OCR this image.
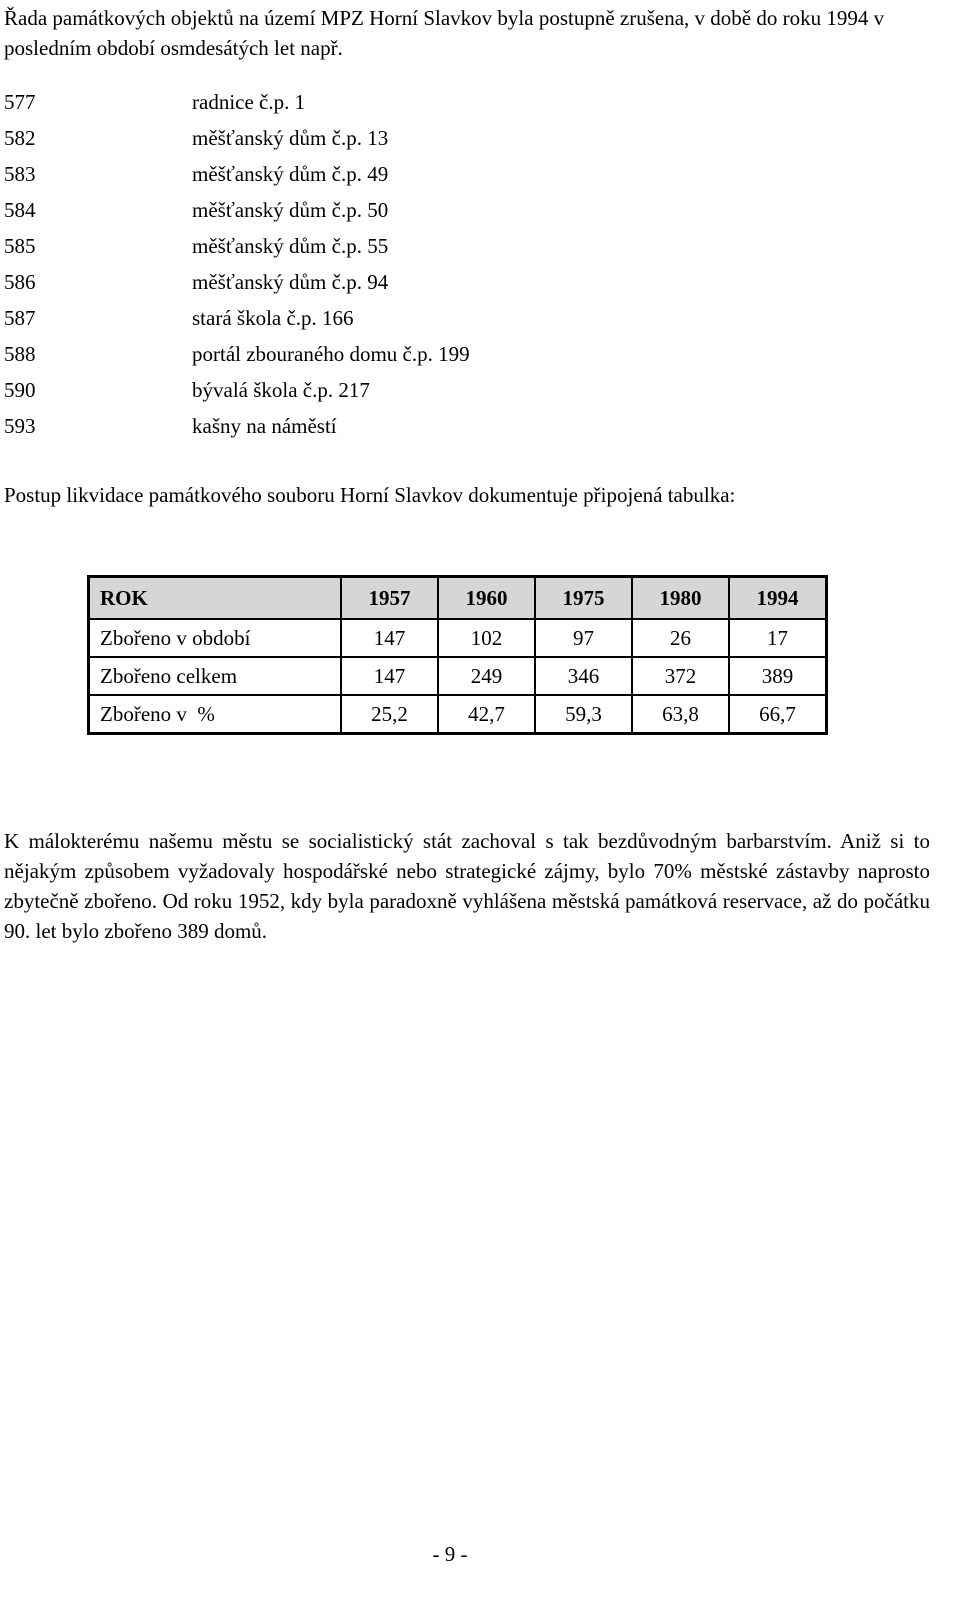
Řada památkových objektů na území MPZ Horní Slavkov byla postupně zrušena, v době do roku 1994 v posledním období osmdesátých let např.

577	radnice č.p. 1
582	měšťanský dům č.p. 13
583	měšťanský dům č.p. 49
584	měšťanský dům č.p. 50
585	měšťanský dům č.p. 55
586	měšťanský dům č.p. 94
587	stará škola č.p. 166
588	portál zbouraného domu č.p. 199
590	bývalá škola č.p. 217
593	kašny na náměstí

Postup likvidace památkového souboru Horní Slavkov dokumentuje připojená tabulka:

ROK	1957	1960	1975	1980	1994
Zbořeno v období	147	102	97	26	17
Zbořeno celkem	147	249	346	372	389
Zbořeno v  %	25,2	42,7	59,3	63,8	66,7

K málokterému našemu městu se socialistický stát zachoval s tak bezdůvodným barbarstvím. Aniž si to nějakým způsobem vyžadovaly hospodářské nebo strategické zájmy, bylo 70% městské zástavby naprosto zbytečně zbořeno. Od roku 1952, kdy byla paradoxně vyhlášena městská památková reservace, až do počátku 90. let bylo zbořeno 389 domů.

- 9 -
